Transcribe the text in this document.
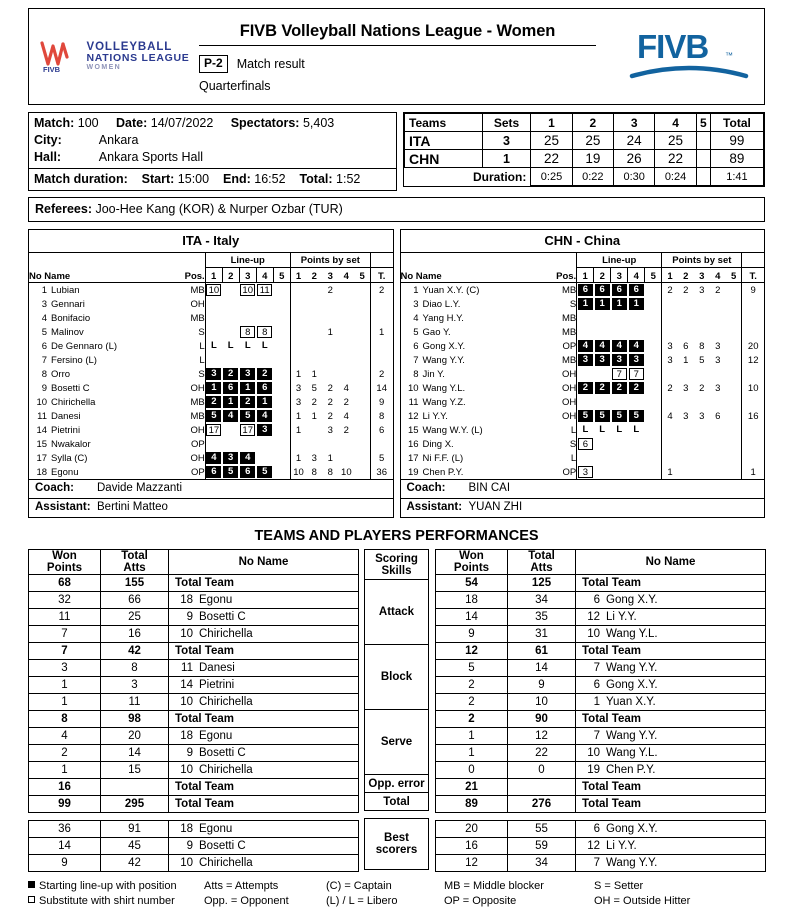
FIVB
VOLLEYBALL
NATIONS LEAGUE
WOMEN
FIVB Volleyball Nations League - Women
P-2	Match result
Quarterfinals
FIVB ™
Match: 100 Date: 14/07/2022 Spectators: 5,403
City:	Ankara
Hall:	Ankara Sports Hall
Match duration: Start: 15:00 End: 16:52 Total: 1:52
Teams	Sets	1	2	3	4	5	Total
ITA	3	25	25	24	25		99
CHN	1	22	19	26	22		89
Duration:		0:25	0:22	0:30	0:24		1:41
Referees: Joo-Hee Kang (KOR) & Nurper Ozbar (TUR)
ITA - Italy
			Line-up					Points by set					
No Name		Pos.	1	2	3	4	5	1	2	3	4	5	T.
1	Lubian	MB	10		10	11				2			2
3	Gennari	OH											
4	Bonifacio	MB											
5	Malinov	S			8	8				1			1
6	De Gennaro (L)	L	L	L	L	L							
7	Fersino (L)	L											
8	Orro	S	3	2	3	2		1	1				2
9	Bosetti C	OH	1	6	1	6		3	5	2	4		14
10	Chirichella	MB	2	1	2	1		3	2	2	2		9
11	Danesi	MB	5	4	5	4		1	1	2	4		8
14	Pietrini	OH	17		17	3		1		3	2		6
15	Nwakalor	OP											
17	Sylla (C)	OH	4	3	4			1	3	1			5
18	Egonu	OP	6	5	6	5		10	8	8	10		36
Coach: Davide Mazzanti
Assistant: Bertini Matteo
CHN - China
			Line-up					Points by set					
No Name		Pos.	1	2	3	4	5	1	2	3	4	5	T.
1	Yuan X.Y. (C)	MB	6	6	6	6		2	2	3	2		9
3	Diao L.Y.	S	1	1	1	1							
4	Yang H.Y.	MB											
5	Gao Y.	MB											
6	Gong X.Y.	OP	4	4	4	4		3	6	8	3		20
7	Wang Y.Y.	MB	3	3	3	3		3	1	5	3		12
8	Jin Y.	OH			7	7							
10	Wang Y.L.	OH	2	2	2	2		2	3	2	3		10
11	Wang Y.Z.	OH											
12	Li Y.Y.	OH	5	5	5	5		4	3	3	6		16
15	Wang W.Y. (L)	L	L	L	L	L							
16	Ding X.	S	6										
17	Ni F.F. (L)	L											
19	Chen P.Y.	OP	3					1					1
Coach: BIN CAI
Assistant: YUAN ZHI
TEAMS AND PLAYERS PERFORMANCES
Won
Points

Total
Atts	No Name
68	155	Total Team
32	66	18 Egonu
11	25	9 Bosetti C
7	16	10 Chirichella
7	42	Total Team
3	8	11 Danesi
1	3	14 Pietrini
1	11	10 Chirichella
8	98	Total Team
4	20	18 Egonu
2	14	9 Bosetti C
1	15	10 Chirichella
16		Total Team
99	295	Total Team
36	91	18 Egonu
14	45	9 Bosetti C
9	42	10 Chirichella
Scoring
Skills

Attack
Block
Serve
Opp. error
Total
Best scorers
Won
Points

Total
Atts	No Name
54	125	Total Team
18	34	6 Gong X.Y.
14	35	12 Li Y.Y.
9	31	10 Wang Y.L.
12	61	Total Team
5	14	7 Wang Y.Y.
2	9	6 Gong X.Y.
2	10	1 Yuan X.Y.
2	90	Total Team
1	12	7 Wang Y.Y.
1	22	10 Wang Y.L.
0	0	19 Chen P.Y.
21		Total Team
89	276	Total Team
20	55	6 Gong X.Y.
16	59	12 Li Y.Y.
12	34	7 Wang Y.Y.
Starting line-up with position
Substitute with shirt number
Atts = Attempts
Opp. = Opponent
(C) = Captain
(L) / L = Libero
MB = Middle blocker
OP = Opposite
S = Setter
OH = Outside Hitter
